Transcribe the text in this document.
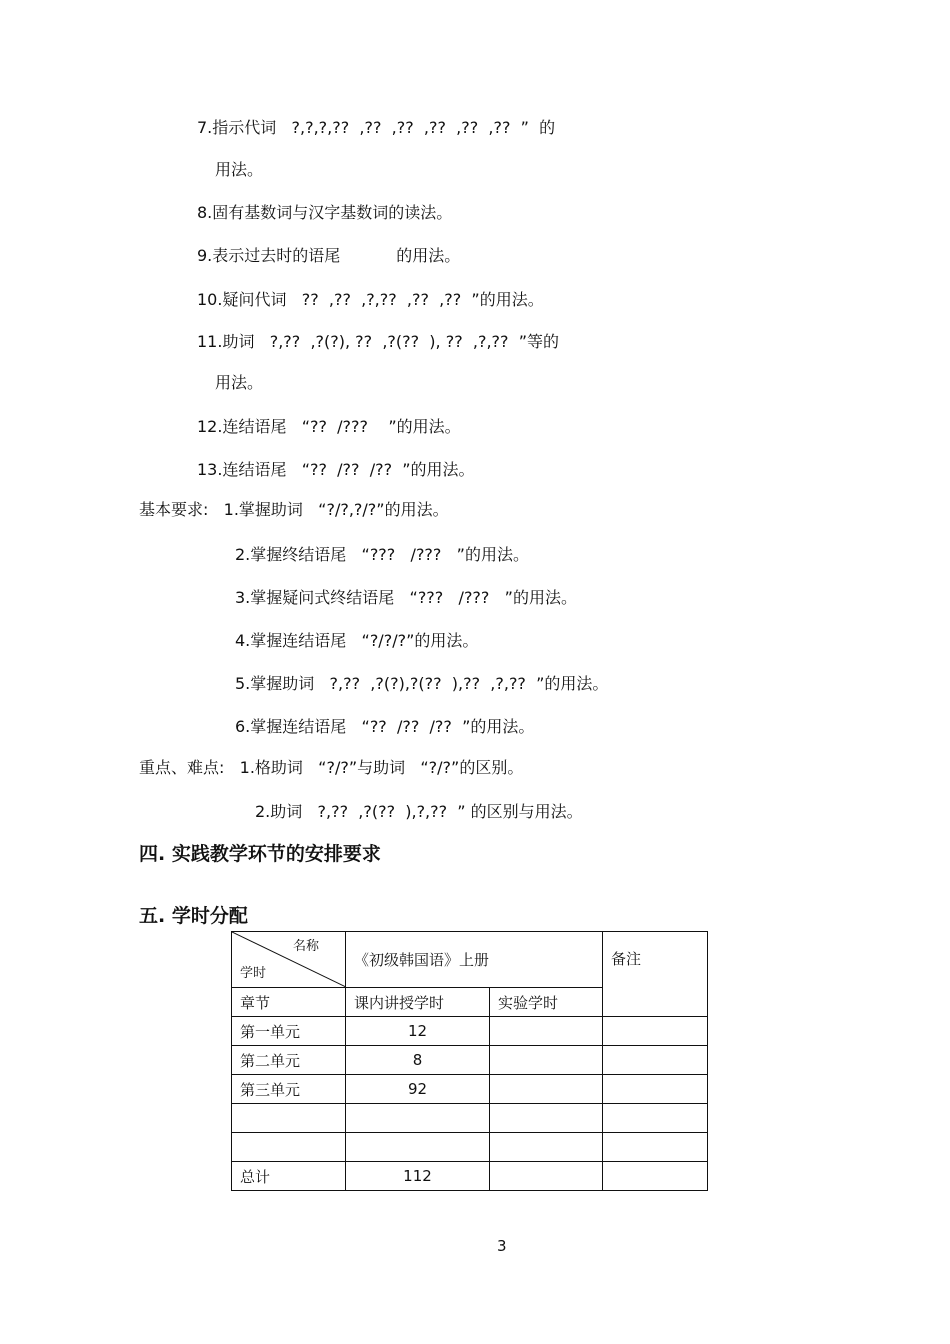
7.指示代词   ?,?,?,??  ,??  ,??  ,??  ,??  ,??  ”  的
用法。
8.固有基数词与汉字基数词的读法。
9.表示过去时的语尾           的用法。
10.疑问代词   ??  ,??  ,?,??  ,??  ,??  ”的用法。
11.助词   ?,??  ,?(?), ??  ,?(??  ), ??  ,?,??  ”等的
用法。
12.连结语尾   “??  /???    ”的用法。
13.连结语尾   “??  /??  /??  ”的用法。
基本要求:   1.掌握助词   “?/?,?/?”的用法。
2.掌握终结语尾   “???   /???   ”的用法。
3.掌握疑问式终结语尾   “???   /???   ”的用法。
4.掌握连结语尾   “?/?/?”的用法。
5.掌握助词   ?,??  ,?(?),?(??  ),??  ,?,??  ”的用法。
6.掌握连结语尾   “??  /??  /??  ”的用法。
重点、难点:   1.格助词   “?/?”与助词   “?/?”的区别。
2.助词   ?,??  ,?(??  ),?,??  ” 的区别与用法。
四. 实践教学环节的安排要求
五. 学时分配
名称
学时	《初级韩国语》上册		备注
章节	课内讲授学时	实验学时	
第一单元	12		
第二单元	8		
第三单元	92		

总计	112		
3
